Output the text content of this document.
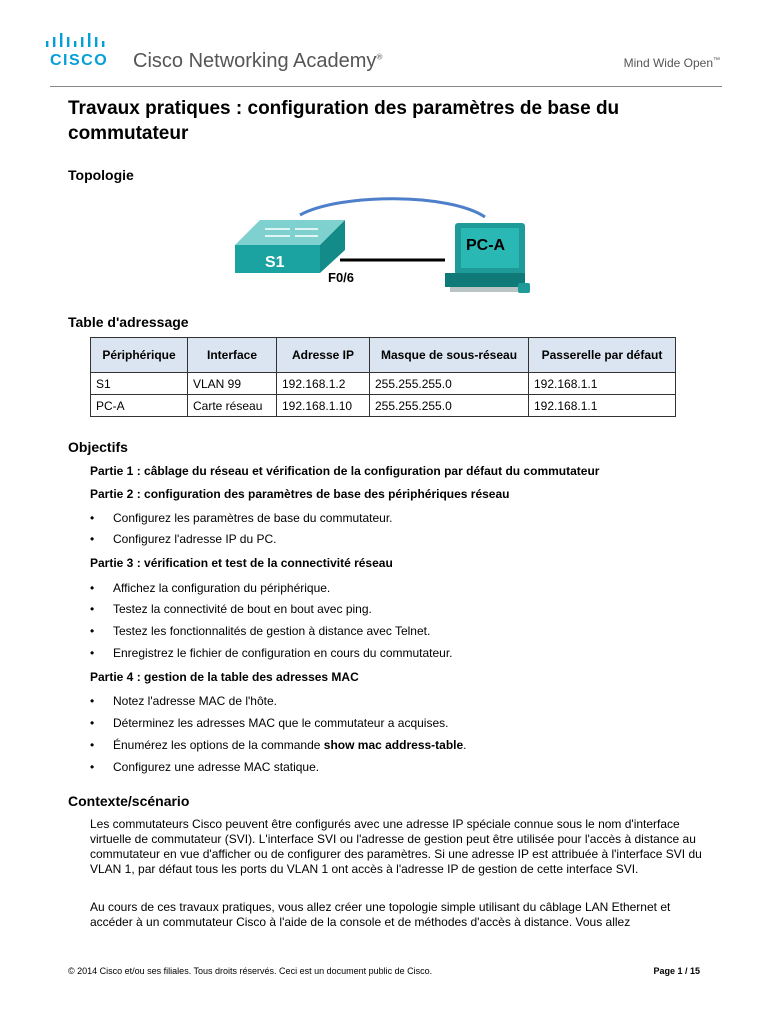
CISCO Cisco Networking Academy®	Mind Wide Open™
Travaux pratiques : configuration des paramètres de base du commutateur
Topologie
S1
PC-A
F0/6
Table d'adressage
Périphérique	Interface	Adresse IP	Masque de sous-réseau	Passerelle par défaut
S1	VLAN 99	192.168.1.2	255.255.255.0	192.168.1.1
PC-A	Carte réseau	192.168.1.10	255.255.255.0	192.168.1.1
Objectifs
Partie 1 : câblage du réseau et vérification de la configuration par défaut du commutateur
Partie 2 : configuration des paramètres de base des périphériques réseau
• Configurez les paramètres de base du commutateur.
• Configurez l'adresse IP du PC.
Partie 3 : vérification et test de la connectivité réseau
• Affichez la configuration du périphérique.
• Testez la connectivité de bout en bout avec ping.
• Testez les fonctionnalités de gestion à distance avec Telnet.
• Enregistrez le fichier de configuration en cours du commutateur.
Partie 4 : gestion de la table des adresses MAC
• Notez l'adresse MAC de l'hôte.
• Déterminez les adresses MAC que le commutateur a acquises.
• Énumérez les options de la commande show mac address-table.
• Configurez une adresse MAC statique.
Contexte/scénario
Les commutateurs Cisco peuvent être configurés avec une adresse IP spéciale connue sous le nom d'interface virtuelle de commutateur (SVI). L'interface SVI ou l'adresse de gestion peut être utilisée pour l'accès à distance au commutateur en vue d'afficher ou de configurer des paramètres. Si une adresse IP est attribuée à l'interface SVI du VLAN 1, par défaut tous les ports du VLAN 1 ont accès à l'adresse IP de gestion de cette interface SVI.
Au cours de ces travaux pratiques, vous allez créer une topologie simple utilisant du câblage LAN Ethernet et accéder à un commutateur Cisco à l'aide de la console et de méthodes d'accès à distance. Vous allez
© 2014 Cisco et/ou ses filiales. Tous droits réservés. Ceci est un document public de Cisco.	Page 1 / 15
